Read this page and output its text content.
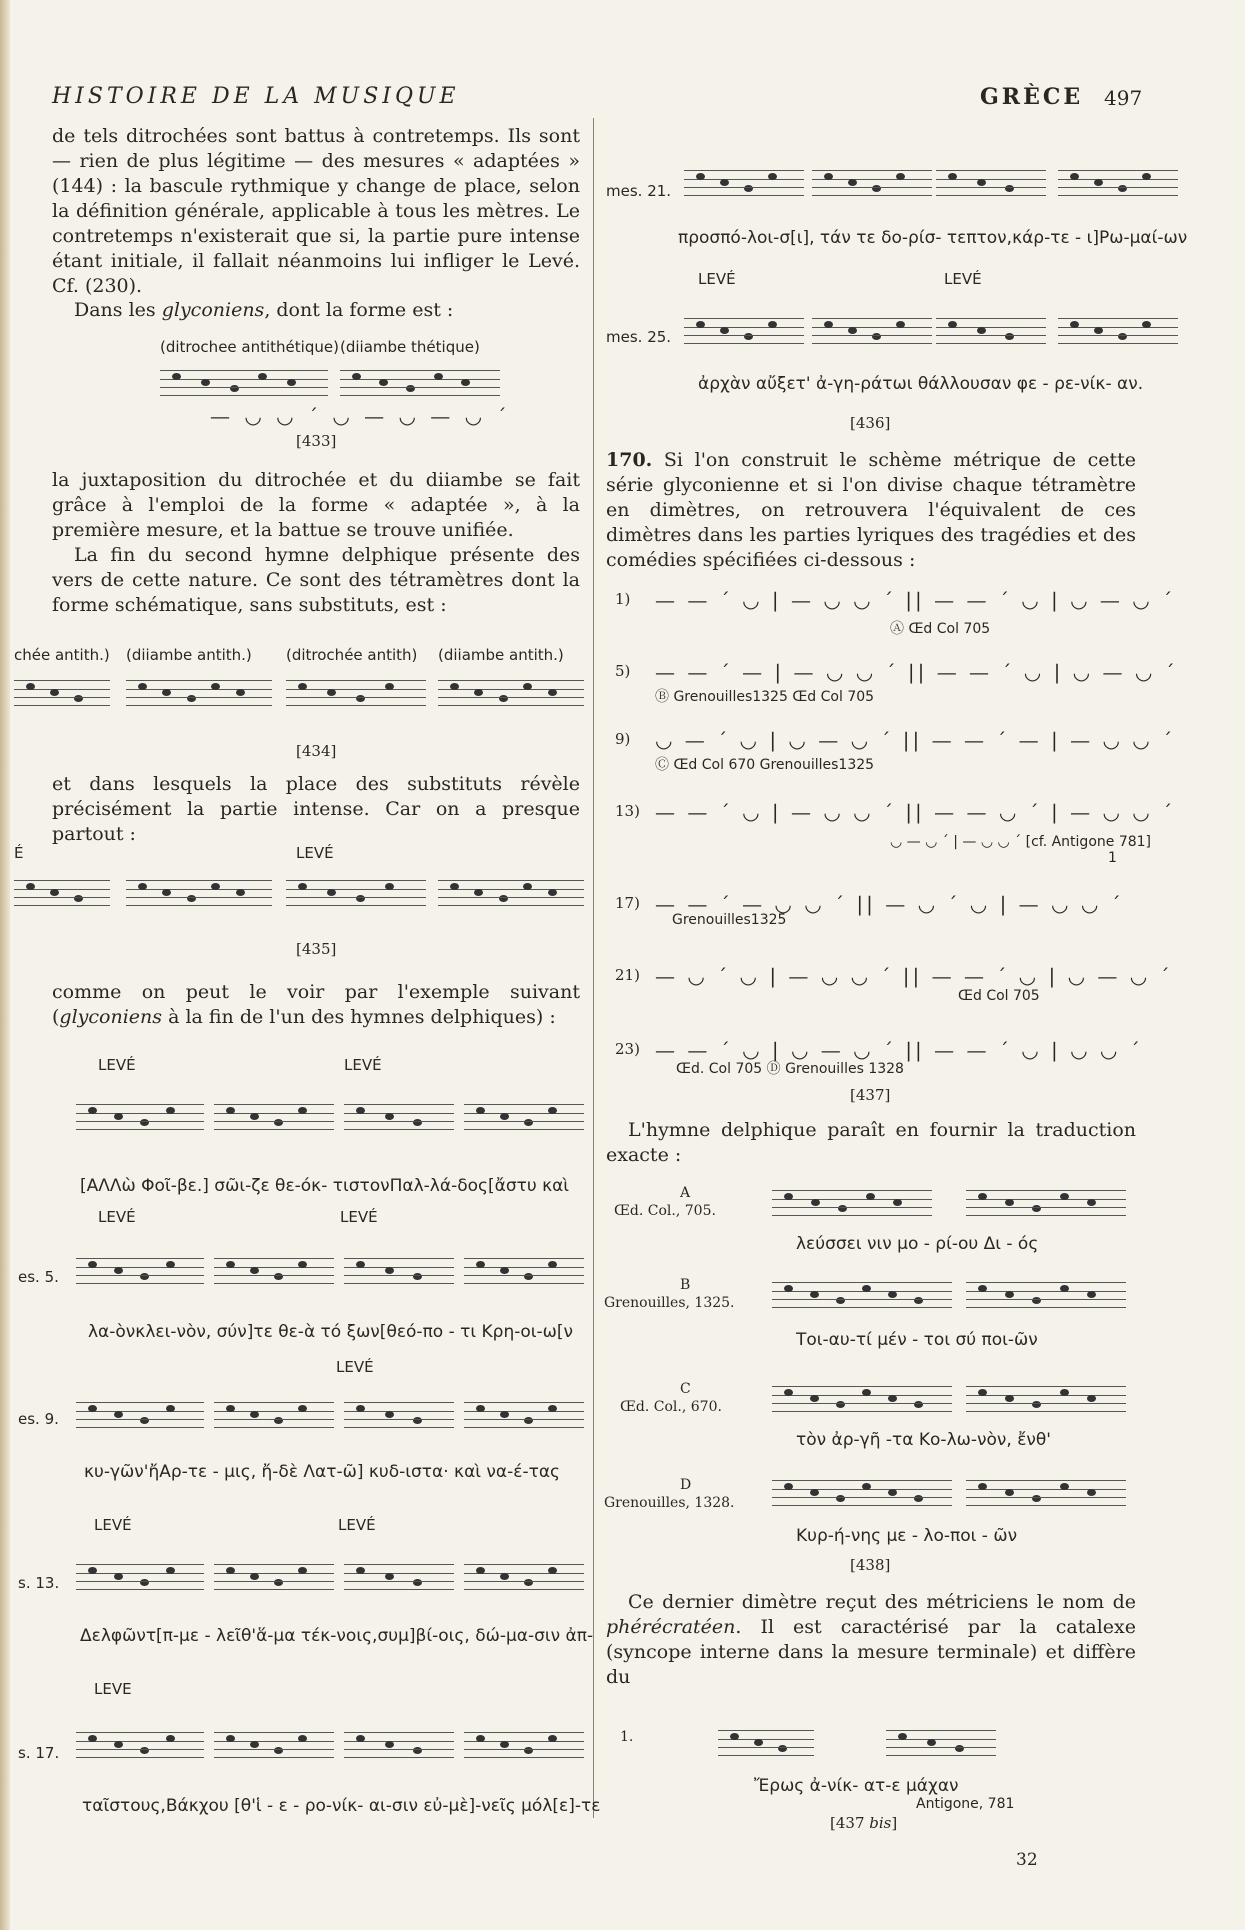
HISTOIRE DE LA MUSIQUE	GRÈCE 497
de tels ditrochées sont battus à contretemps. Ils sont — rien de plus légitime — des mesures « adaptées » (144) : la bascule rythmique y change de place, selon la définition générale, applicable à tous les mètres. Le contretemps n'existerait que si, la partie pure intense étant initiale, il fallait néanmoins lui infliger le Levé. Cf. (230).
Dans les glyconiens, dont la forme est :
(ditrochee antithétique) (diiambe thétique)
— ◡ ◡ ´ ◡ — ◡ — ◡ ´
[433]
la juxtaposition du ditrochée et du diiambe se fait grâce à l'emploi de la forme « adaptée », à la première mesure, et la battue se trouve unifiée.
La fin du second hymne delphique présente des vers de cette nature. Ce sont des tétramètres dont la forme schématique, sans substituts, est :
chée antith.) (diiambe antith.) (ditrochée antith) (diiambe antith.)
[434]
et dans lesquels la place des substituts révèle précisément la partie intense. Car on a presque partout :
É	LEVÉ
[435]
comme on peut le voir par l'exemple suivant (glyconiens à la fin de l'un des hymnes delphiques) :
LEVÉ	LEVÉ
[ΑΛΛὼ Φοῖ-βε.] σῶι-ζε θε-όκ- τιστονΠαλ-λά-δος[ἄστυ καὶ
LEVÉ	LEVÉ
es. 5.
λα-ὸνκλει-νὸν, σύν]τε θε-ὰ τό ξων[θεό-πο - τι Κρη-οι-ω[ν
LEVÉ
es. 9.
κυ-γῶν'ἤΑρ-τε - μις, ἤ-δὲ Λατ-ῶ] κυδ-ιστα· καὶ να-έ-τας
LEVÉ	LEVÉ
s. 13.
Δελφῶντ[π-με - λεῖθ'ἅ-μα τέκ-νοις,συμ]βί-οις, δώ-μα-σιν ἀπ-
LEVE
s. 17.
ταῖστους,Βάκχου [θ'ἱ - ε - ρο-νίκ- αι-σιν εὐ-μὲ]-νεῖς μόλ[ε]-τε
mes. 21.
προσπό-λοι-σ[ι], τάν τε δο-ρίσ- τεπτον,κάρ-τε - ι]Ρω-μαί-ων
LEVÉ	LEVÉ
mes. 25.
ἀρχὰν αὔξετ' ἀ-γη-ράτωι θάλλουσαν φε - ρε-νίκ- αν.
[436]
170. Si l'on construit le schème métrique de cette série glyconienne et si l'on divise chaque tétramètre en dimètres, on retrouvera l'équivalent de ces dimètres dans les parties lyriques des tragédies et des comédies spécifiées ci-dessous :
1) — — ´ ◡ | — ◡ ◡ ´ || — — ´ ◡ | ◡ — ◡ ´
Ⓐ Œd Col 705
5) — — ´ — | — ◡ ◡ ´ || — — ´ ◡ | ◡ — ◡ ´
Ⓑ Grenouilles1325 Œd Col 705
9) ◡ — ´ ◡ | ◡ — ◡ ´ || — — ´ — | — ◡ ◡ ´
Ⓒ Œd Col 670 Grenouilles1325
13) — — ´ ◡ | — ◡ ◡ ´ || — — ◡ ´ | — ◡ ◡ ´
◡ — ◡ ´ | — ◡ ◡ ´ [cf. Antigone 781]
1
17) — — ´ — ◡ ◡ ´ || — ◡ ´ ◡ | — ◡ ◡ ´
Grenouilles1325
21) — ◡ ´ ◡ | — ◡ ◡ ´ || — — ´ ◡ | ◡ — ◡ ´
Œd Col 705
23) — — ´ ◡ | ◡ — ◡ ´ || — — ´ ◡ | ◡ ◡ ´
Œd. Col 705 Ⓓ Grenouilles 1328
[437]
L'hymne delphique paraît en fournir la traduction exacte :
A
Œd. Col., 705.
λεύσσει νιν μο - ρί-ου Δι - ός
B
Grenouilles, 1325.
Τοι-αυ-τί μέν - τοι σύ ποι-ῶν
C
Œd. Col., 670.
τὸν ἀρ-γῆ -τα Κο-λω-νὸν, ἔνθ'
D
Grenouilles, 1328.
Κυρ-ή-νης με - λο-ποι - ῶν
[438]
Ce dernier dimètre reçut des métriciens le nom de phérécratéen. Il est caractérisé par la catalexe (syncope interne dans la mesure terminale) et diffère du
1.
Ἔρως ἀ-νίκ- ατ-ε μάχαν
Antigone, 781
[437 bis]
32
